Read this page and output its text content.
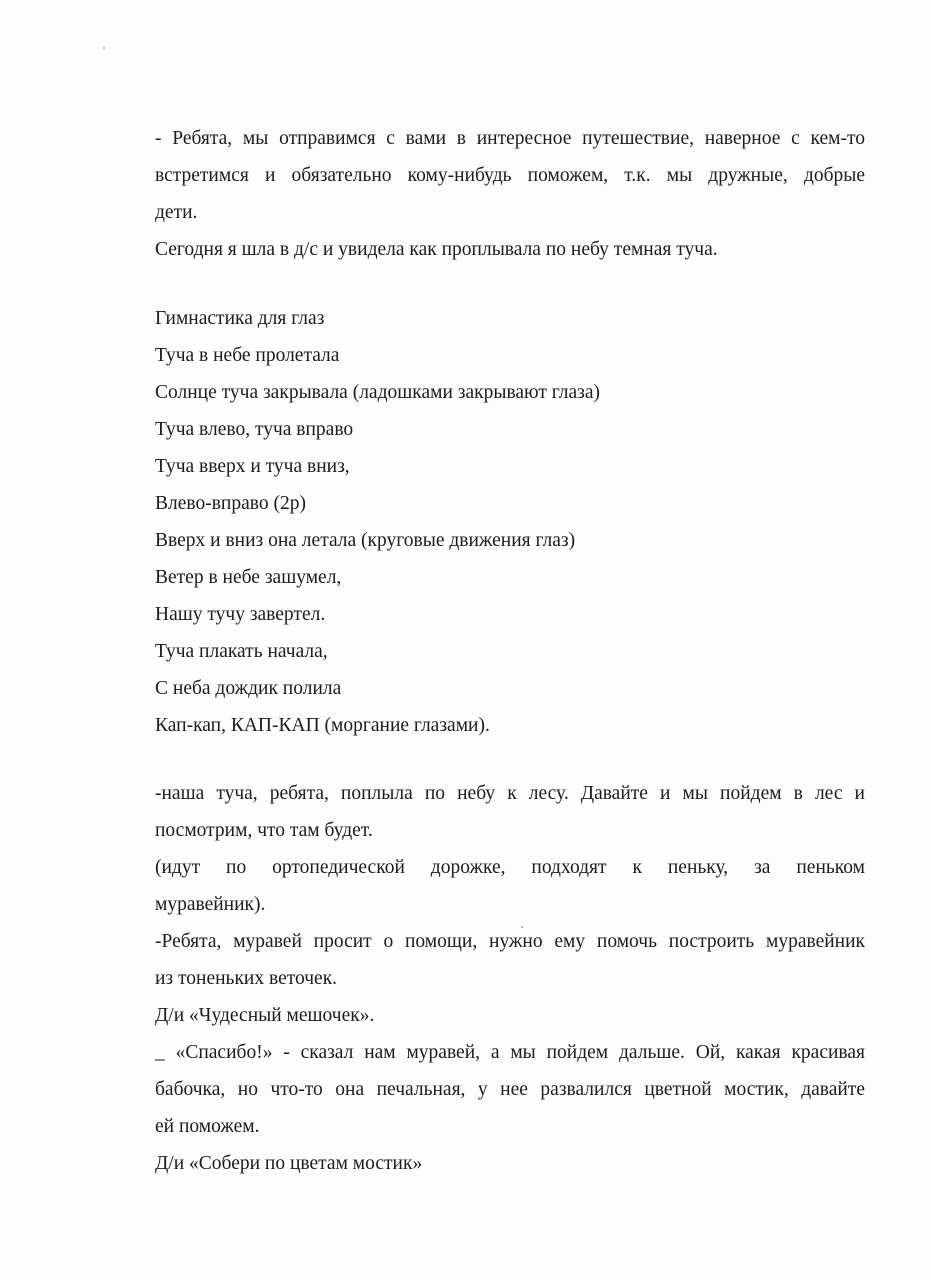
- Ребята, мы отправимся с вами в интересное путешествие, наверное с кем-то
встретимся и обязательно кому-нибудь поможем, т.к. мы дружные, добрые
дети.
Сегодня я шла в д/с и увидела как проплывала по небу темная туча.
Гимнастика для глаз
Туча в небе пролетала
Солнце туча закрывала (ладошками закрывают глаза)
Туча влево, туча вправо
Туча вверх и туча вниз,
Влево-вправо (2р)
Вверх и вниз она летала (круговые движения глаз)
Ветер в небе зашумел,
Нашу тучу завертел.
Туча плакать начала,
С неба дождик полила
Кап-кап, КАП-КАП (моргание глазами).
-наша туча, ребята, поплыла по небу к лесу. Давайте и мы пойдем в лес и
посмотрим, что там будет.
(идут по ортопедической дорожке, подходят к пеньку, за пеньком
муравейник).
-Ребята, муравей просит о помощи, нужно ему помочь построить муравейник
из тоненьких веточек.
Д/и «Чудесный мешочек».
_ «Спасибо!» - сказал нам муравей, а мы пойдем дальше. Ой, какая красивая
бабочка, но что-то она печальная, у нее развалился цветной мостик, давайте
ей поможем.
Д/и «Собери по цветам мостик»
